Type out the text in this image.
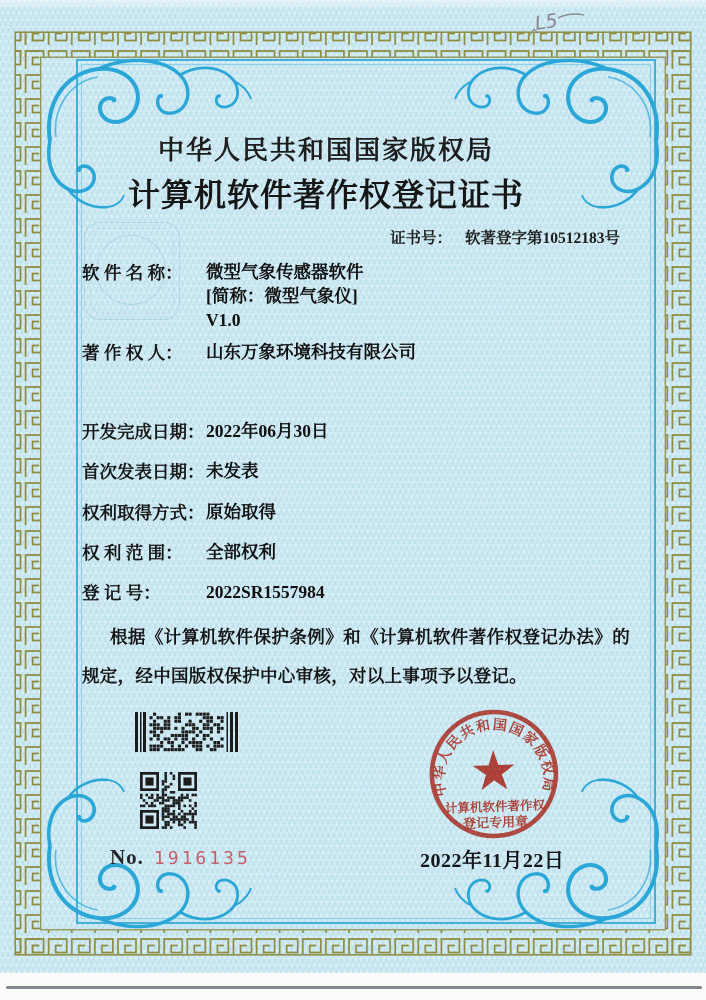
L5
中华人民共和国国家版权局
计算机软件著作权登记证书
证书号： 软著登字第10512183号
软 件 名 称：	微型气象传感器软件
[简称：微型气象仪]
V1.0
著 作 权 人：	山东万象环境科技有限公司
开发完成日期： 2022年06月30日
首次发表日期： 未发表
权利取得方式： 原始取得
权 利 范 围：	全部权利
登 记 号：	2022SR1557984
根据《计算机软件保护条例》和《计算机软件著作权登记办法》的规定，经中国版权保护中心审核，对以上事项予以登记。
中华人民共和国国家版权局
计算机软件著作权
登记专用章
No. 1916135	2022年11月22日
